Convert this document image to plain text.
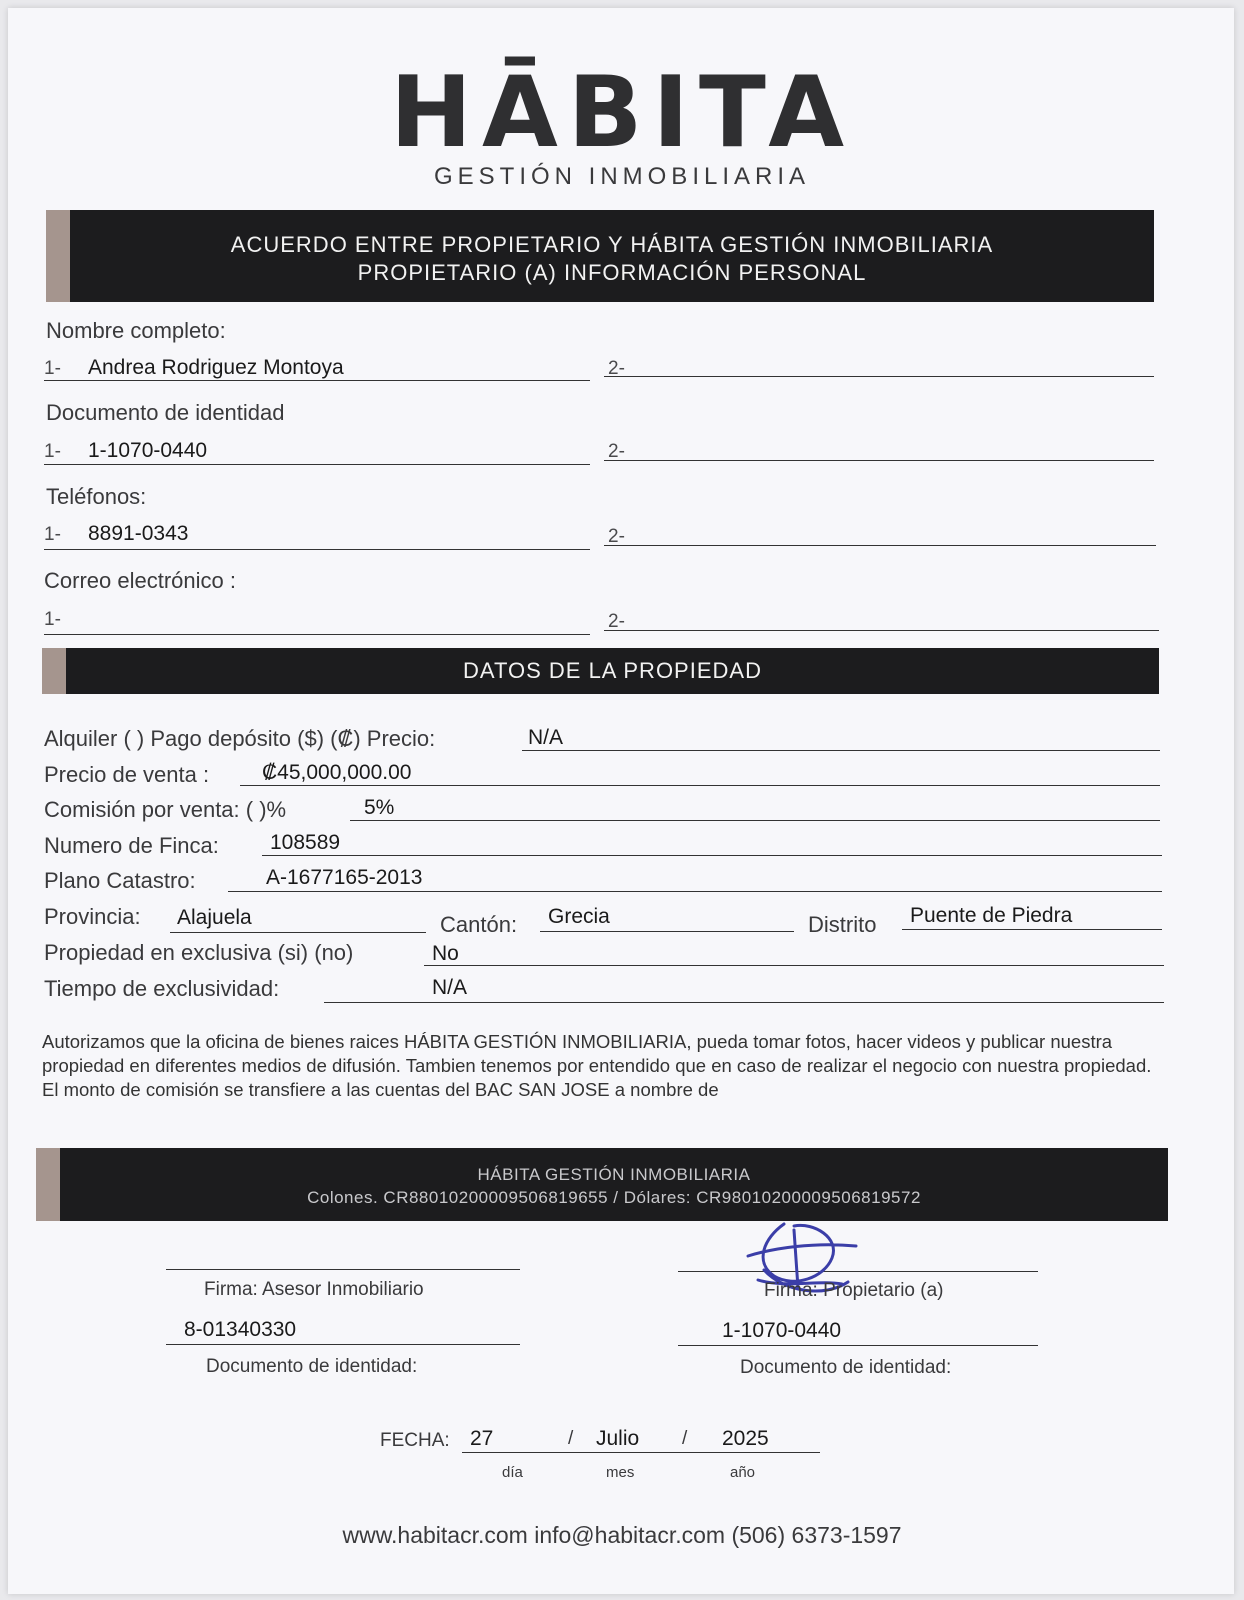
HĀBITA
GESTIÓN INMOBILIARIA
ACUERDO ENTRE PROPIETARIO Y HÁBITA GESTIÓN INMOBILIARIA
PROPIETARIO (A) INFORMACIÓN PERSONAL
Nombre completo:
1- Andrea Rodriguez Montoya	2-
Documento de identidad
1- 1-1070-0440	2-
Teléfonos:
1- 8891-0343	2-
Correo electrónico :
1-	2-
DATOS DE LA PROPIEDAD
Alquiler ( ) Pago depósito ($) (₡) Precio:	N/A
Precio de venta :	₡45,000,000.00
Comisión por venta: ( )%	5%
Numero de Finca: 108589
Plano Catastro:	A-1677165-2013
Provincia: Alajuela	Cantón: Grecia	Distrito Puente de Piedra
Propiedad en exclusiva (si) (no)	No
Tiempo de exclusividad:	N/A
Autorizamos que la oficina de bienes raices HÁBITA GESTIÓN INMOBILIARIA, pueda tomar fotos, hacer videos y publicar nuestra propiedad en diferentes medios de difusión. Tambien tenemos por entendido que en caso de realizar el negocio con nuestra propiedad. El monto de comisión se transfiere a las cuentas del BAC SAN JOSE a nombre de
HÁBITA GESTIÓN INMOBILIARIA
Colones. CR88010200009506819655 / Dólares: CR98010200009506819572
Firma: Asesor Inmobiliario
8-01340330
Documento de identidad:
Firma: Propietario (a)
1-1070-0440
Documento de identidad:
FECHA: 27	/ Julio / 2025
día	mes	año
www.habitacr.com info@habitacr.com (506) 6373-1597
